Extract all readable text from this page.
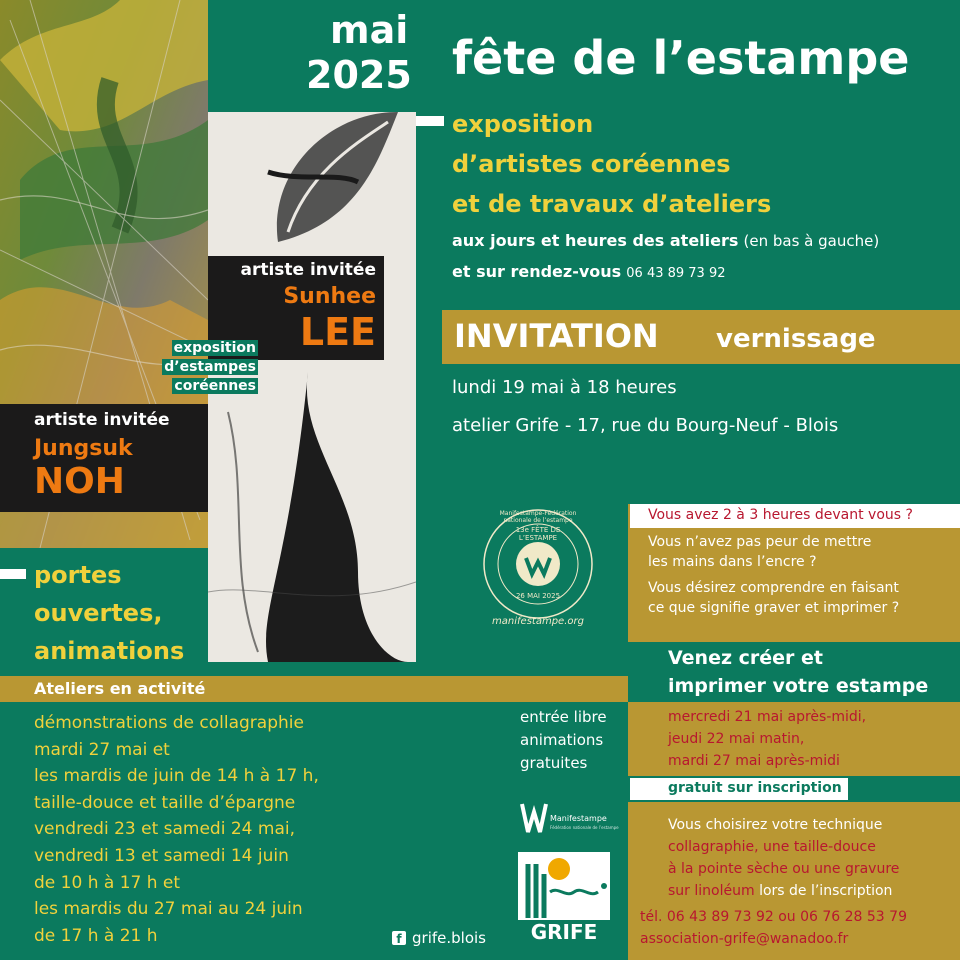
mai
2025 fête de l’estampe
exposition
d’artistes coréennes
et de travaux d’ateliers
aux jours et heures des ateliers (en bas à gauche)
et sur rendez-vous 06 43 89 73 92
artiste invitée
Sunhee
LEE
exposition
d’estampes
coréennes
artiste invitée
Jungsuk
NOH
INVITATION vernissage
lundi 19 mai à 18 heures
atelier Grife - 17, rue du Bourg-Neuf - Blois
Manifestampe-Fédération nationale de l’estampe
13e FÊTE DE L’ESTAMPE
26 MAI 2025
manifestampe.org
portes
ouvertes,
animations
Ateliers en activité
démonstrations de collagraphie
mardi 27 mai et
les mardis de juin de 14 h à 17 h,
taille-douce et taille d’épargne
vendredi 23 et samedi 24 mai,
vendredi 13 et samedi 14 juin
de 10 h à 17 h et
les mardis du 27 mai au 24 juin
de 17 h à 21 h
entrée libre
animations
gratuites
Manifestampe
Fédération nationale de l’estampe
GRIFE
f grife.blois
Vous avez 2 à 3 heures devant vous ?
Vous n’avez pas peur de mettre
les mains dans l’encre ?
Vous désirez comprendre en faisant
ce que signifie graver et imprimer ?
Venez créer et
imprimer votre estampe
mercredi 21 mai après-midi,
jeudi 22 mai matin,
mardi 27 mai après-midi
gratuit sur inscription
Vous choisirez votre technique
collagraphie, une taille-douce
à la pointe sèche ou une gravure
sur linoléum lors de l’inscription
tél. 06 43 89 73 92 ou 06 76 28 53 79
association-grife@wanadoo.fr
